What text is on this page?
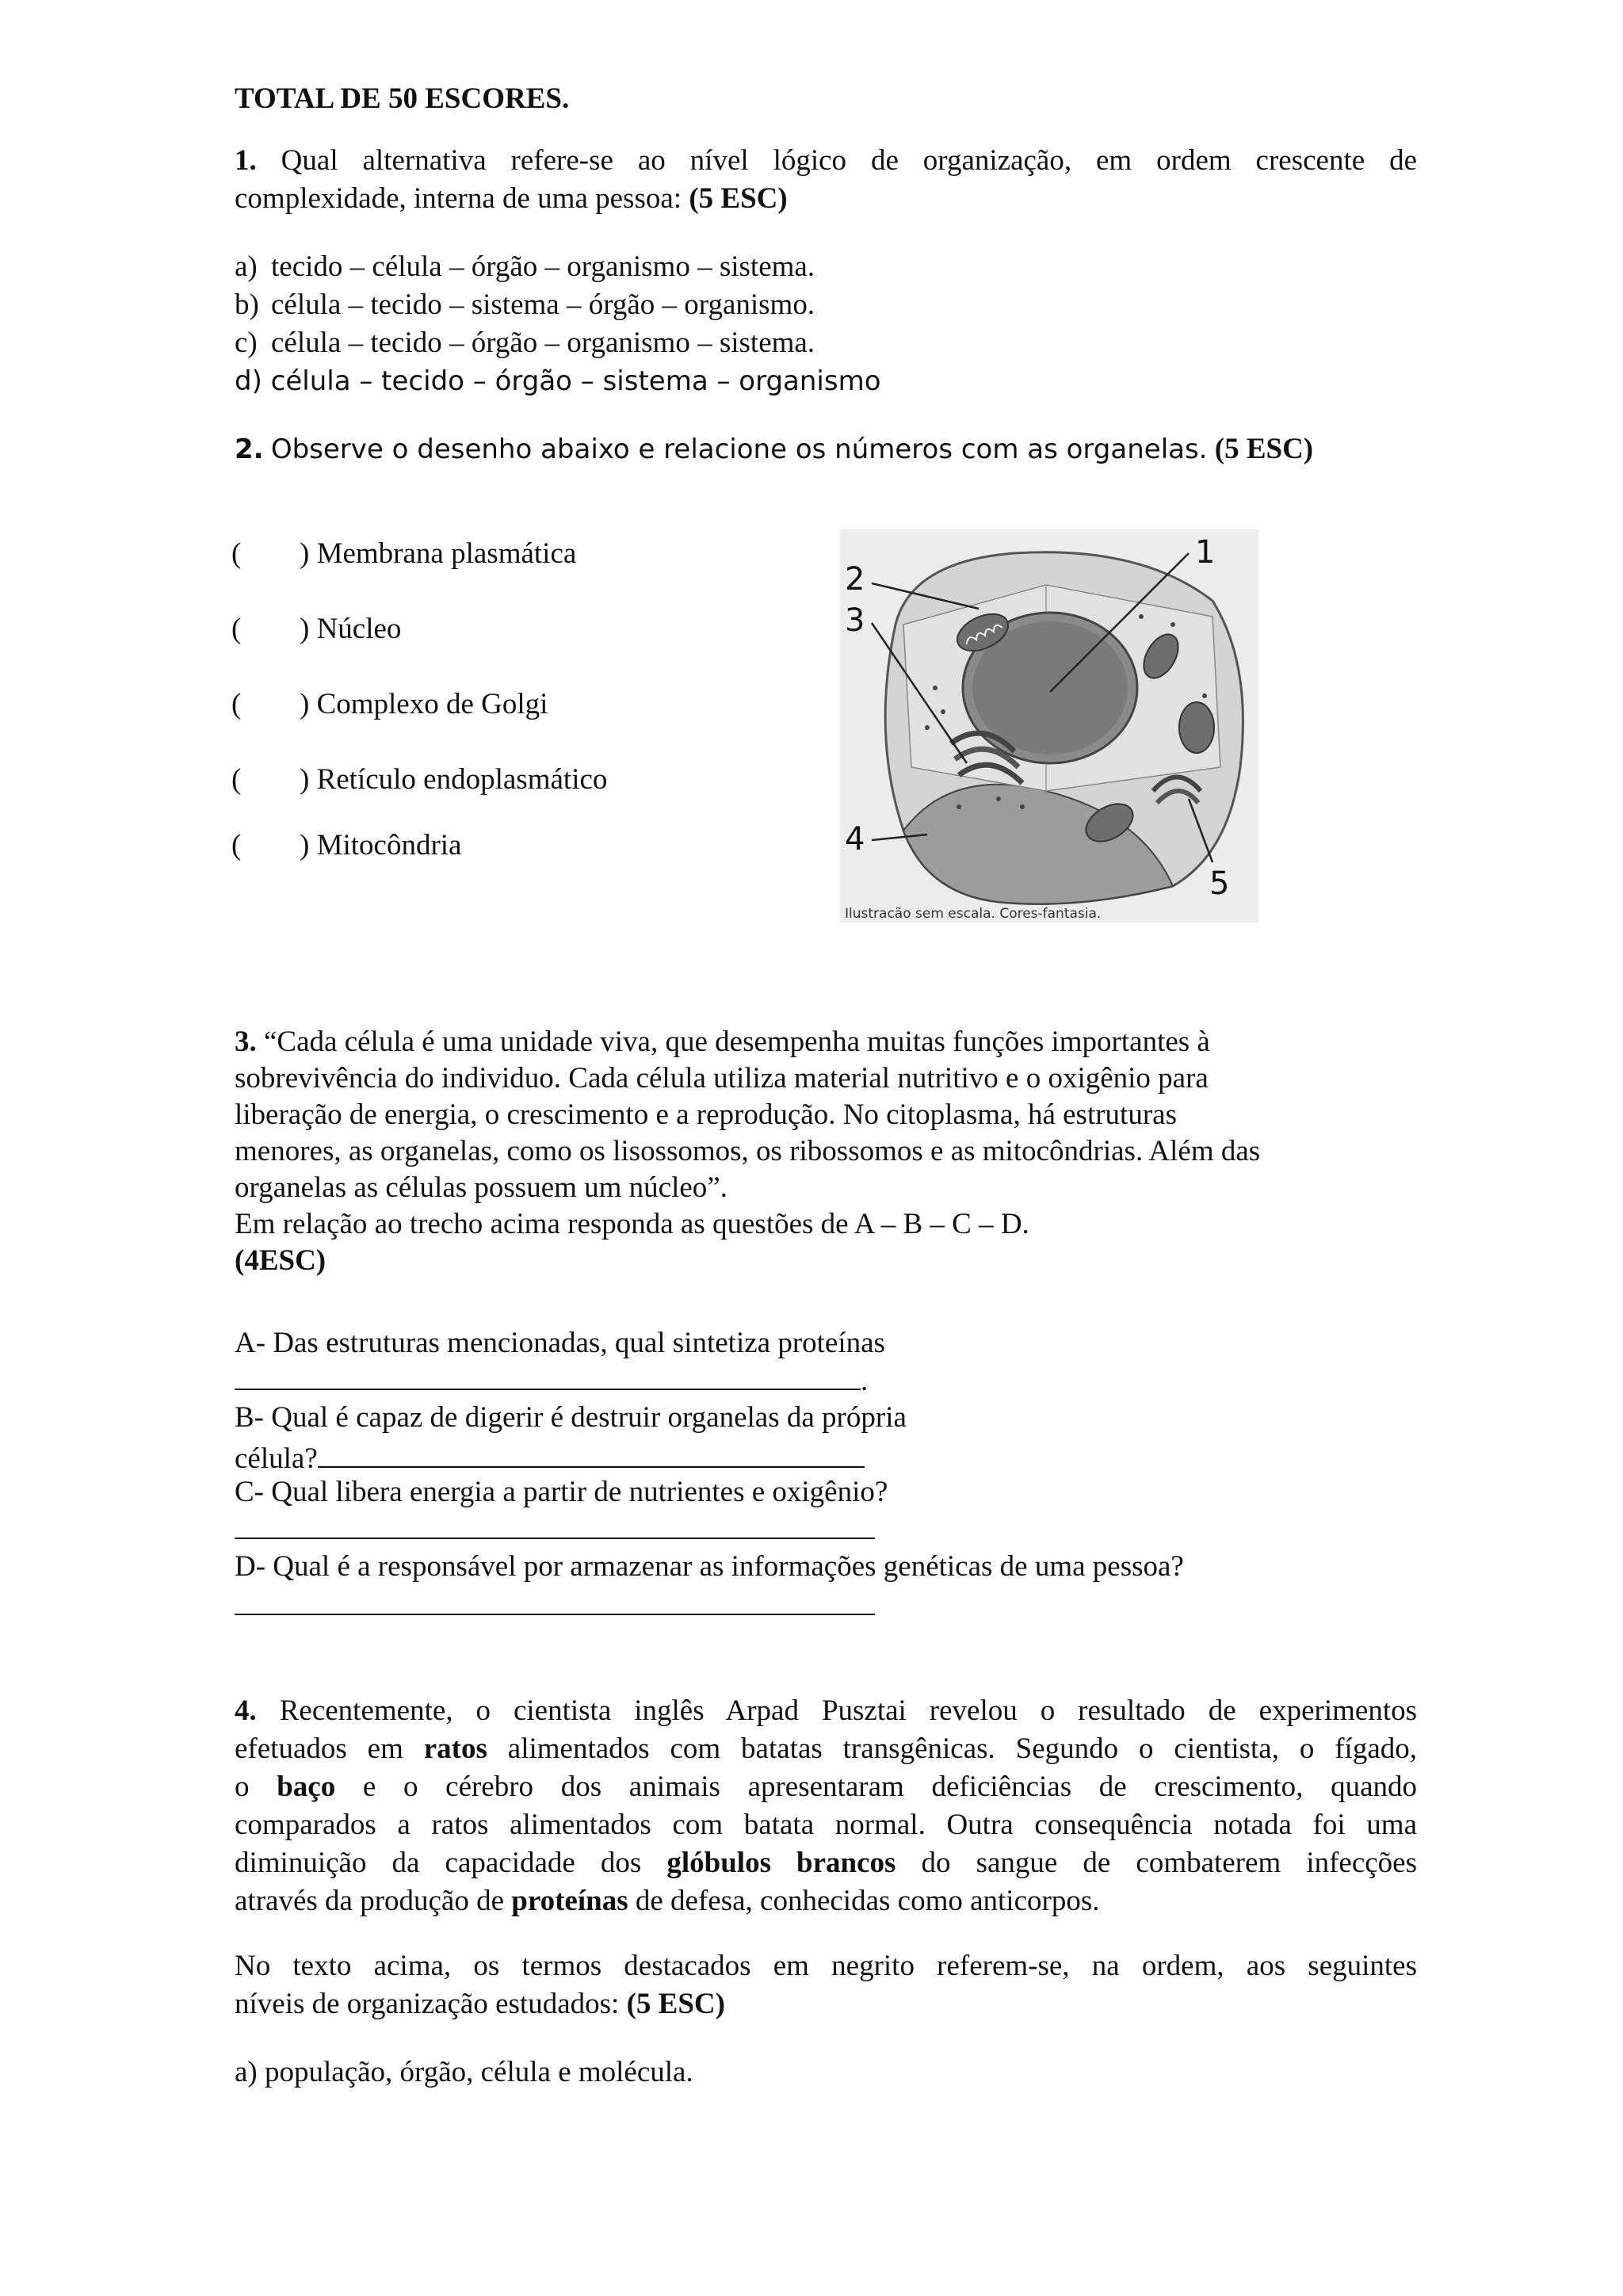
TOTAL DE 50 ESCORES.
1. Qual alternativa refere-se ao nível lógico de organização, em ordem crescente de
complexidade, interna de uma pessoa: (5 ESC)
a) tecido – célula – órgão – organismo – sistema.
b) célula – tecido – sistema – órgão – organismo.
c) célula – tecido – órgão – organismo – sistema.
d) célula – tecido – órgão – sistema – organismo
2. Observe o desenho abaixo e relacione os números com as organelas. (5 ESC)
( ) Membrana plasmática
( ) Núcleo
( ) Complexo de Golgi
( ) Retículo endoplasmático
( ) Mitocôndria
1
2
3
4
5
Ilustracão sem escala. Cores-fantasia.

3. “Cada célula é uma unidade viva, que desempenha muitas funções importantes à

sobrevivência do individuo. Cada célula utiliza material nutritivo e o oxigênio para

liberação de energia, o crescimento e a reprodução. No citoplasma, há estruturas

menores, as organelas, como os lisossomos, os ribossomos e as mitocôndrias. Além das

organelas as células possuem um núcleo”.

Em relação ao trecho acima responda as questões de A – B – C – D.

(4ESC)

A- Das estruturas mencionadas, qual sintetiza proteínas
.
B- Qual é capaz de digerir é destruir organelas da própria
célula?
C- Qual libera energia a partir de nutrientes e oxigênio?
D- Qual é a responsável por armazenar as informações genéticas de uma pessoa?
4. Recentemente, o cientista inglês Arpad Pusztai revelou o resultado de experimentos
efetuados em ratos alimentados com batatas transgênicas. Segundo o cientista, o fígado,
o baço e o cérebro dos animais apresentaram deficiências de crescimento, quando
comparados a ratos alimentados com batata normal. Outra consequência notada foi uma
diminuição da capacidade dos glóbulos brancos do sangue de combaterem infecções
através da produção de proteínas de defesa, conhecidas como anticorpos.
No texto acima, os termos destacados em negrito referem-se, na ordem, aos seguintes
níveis de organização estudados: (5 ESC)
a) população, órgão, célula e molécula.
